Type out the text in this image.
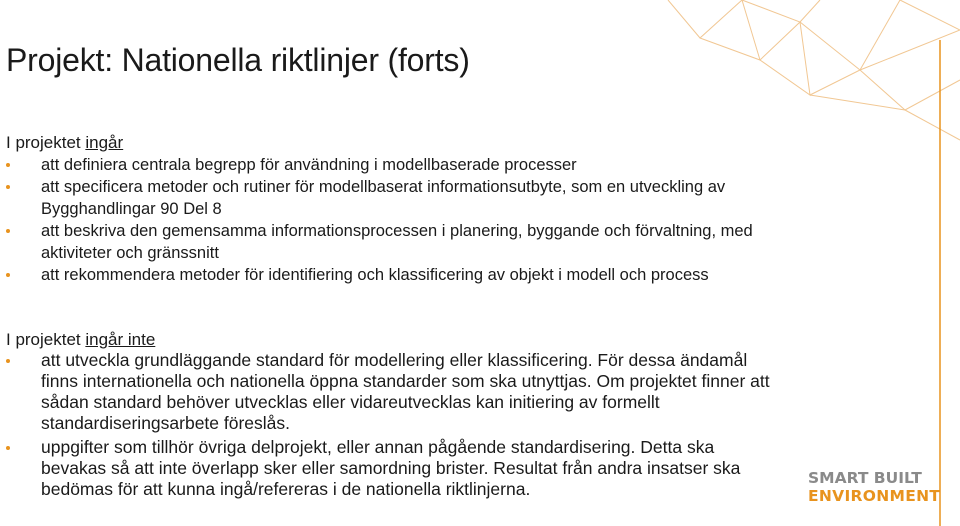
Projekt: Nationella riktlinjer (forts)

I projektet ingår

att definiera centrala begrepp för användning i modellbaserade processer
att specificera metoder och rutiner för modellbaserat informationsutbyte, som en utveckling av Bygghandlingar 90 Del 8
att beskriva den gemensamma informationsprocessen i planering, byggande och förvaltning, med aktiviteter och gränssnitt
att rekommendera metoder för identifiering och klassificering av objekt i modell och process

I projektet ingår inte

att utveckla grundläggande standard för modellering eller klassificering. För dessa ändamål finns internationella och nationella öppna standarder som ska utnyttjas. Om projektet finner att sådan standard behöver utvecklas eller vidareutvecklas kan initiering av formellt standardiseringsarbete föreslås.
uppgifter som tillhör övriga delprojekt, eller annan pågående standardisering. Detta ska bevakas så att inte överlapp sker eller samordning brister. Resultat från andra insatser ska bedömas för att kunna ingå/refereras i de nationella riktlinjerna.
SMART BUILT
ENVIRONMENT
